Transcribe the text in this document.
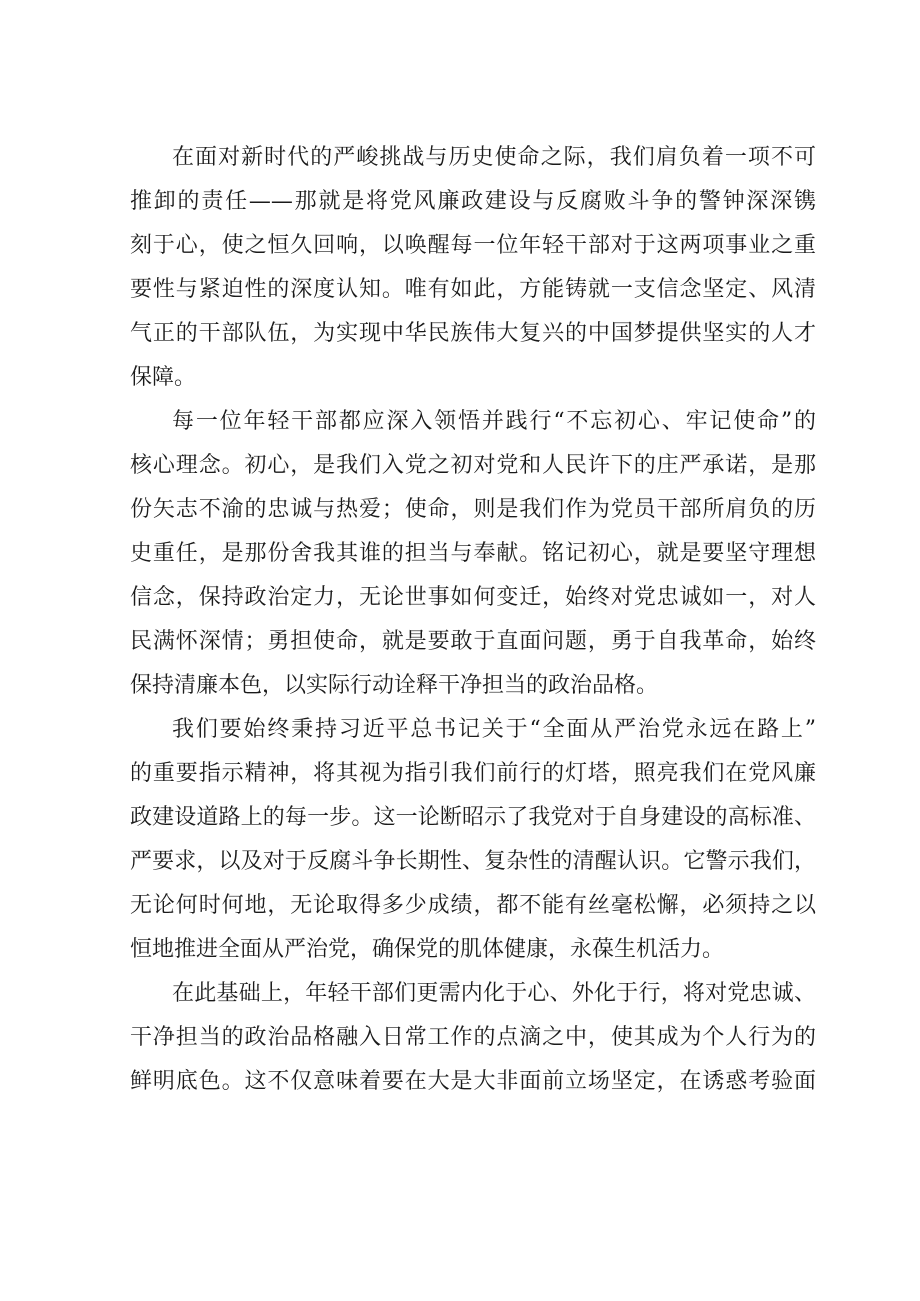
在面对新时代的严峻挑战与历史使命之际，我们肩负着一项不可
推卸的责任——那就是将党风廉政建设与反腐败斗争的警钟深深镌
刻于心，使之恒久回响，以唤醒每一位年轻干部对于这两项事业之重
要性与紧迫性的深度认知。唯有如此，方能铸就一支信念坚定、风清
气正的干部队伍，为实现中华民族伟大复兴的中国梦提供坚实的人才
保障。
每一位年轻干部都应深入领悟并践行“不忘初心、牢记使命”的
核心理念。初心，是我们入党之初对党和人民许下的庄严承诺，是那
份矢志不渝的忠诚与热爱；使命，则是我们作为党员干部所肩负的历
史重任，是那份舍我其谁的担当与奉献。铭记初心，就是要坚守理想
信念，保持政治定力，无论世事如何变迁，始终对党忠诚如一，对人
民满怀深情；勇担使命，就是要敢于直面问题，勇于自我革命，始终
保持清廉本色，以实际行动诠释干净担当的政治品格。
我们要始终秉持习近平总书记关于“全面从严治党永远在路上”
的重要指示精神，将其视为指引我们前行的灯塔，照亮我们在党风廉
政建设道路上的每一步。这一论断昭示了我党对于自身建设的高标准、
严要求，以及对于反腐斗争长期性、复杂性的清醒认识。它警示我们，
无论何时何地，无论取得多少成绩，都不能有丝毫松懈，必须持之以
恒地推进全面从严治党，确保党的肌体健康，永葆生机活力。
在此基础上，年轻干部们更需内化于心、外化于行，将对党忠诚、
干净担当的政治品格融入日常工作的点滴之中，使其成为个人行为的
鲜明底色。这不仅意味着要在大是大非面前立场坚定，在诱惑考验面
